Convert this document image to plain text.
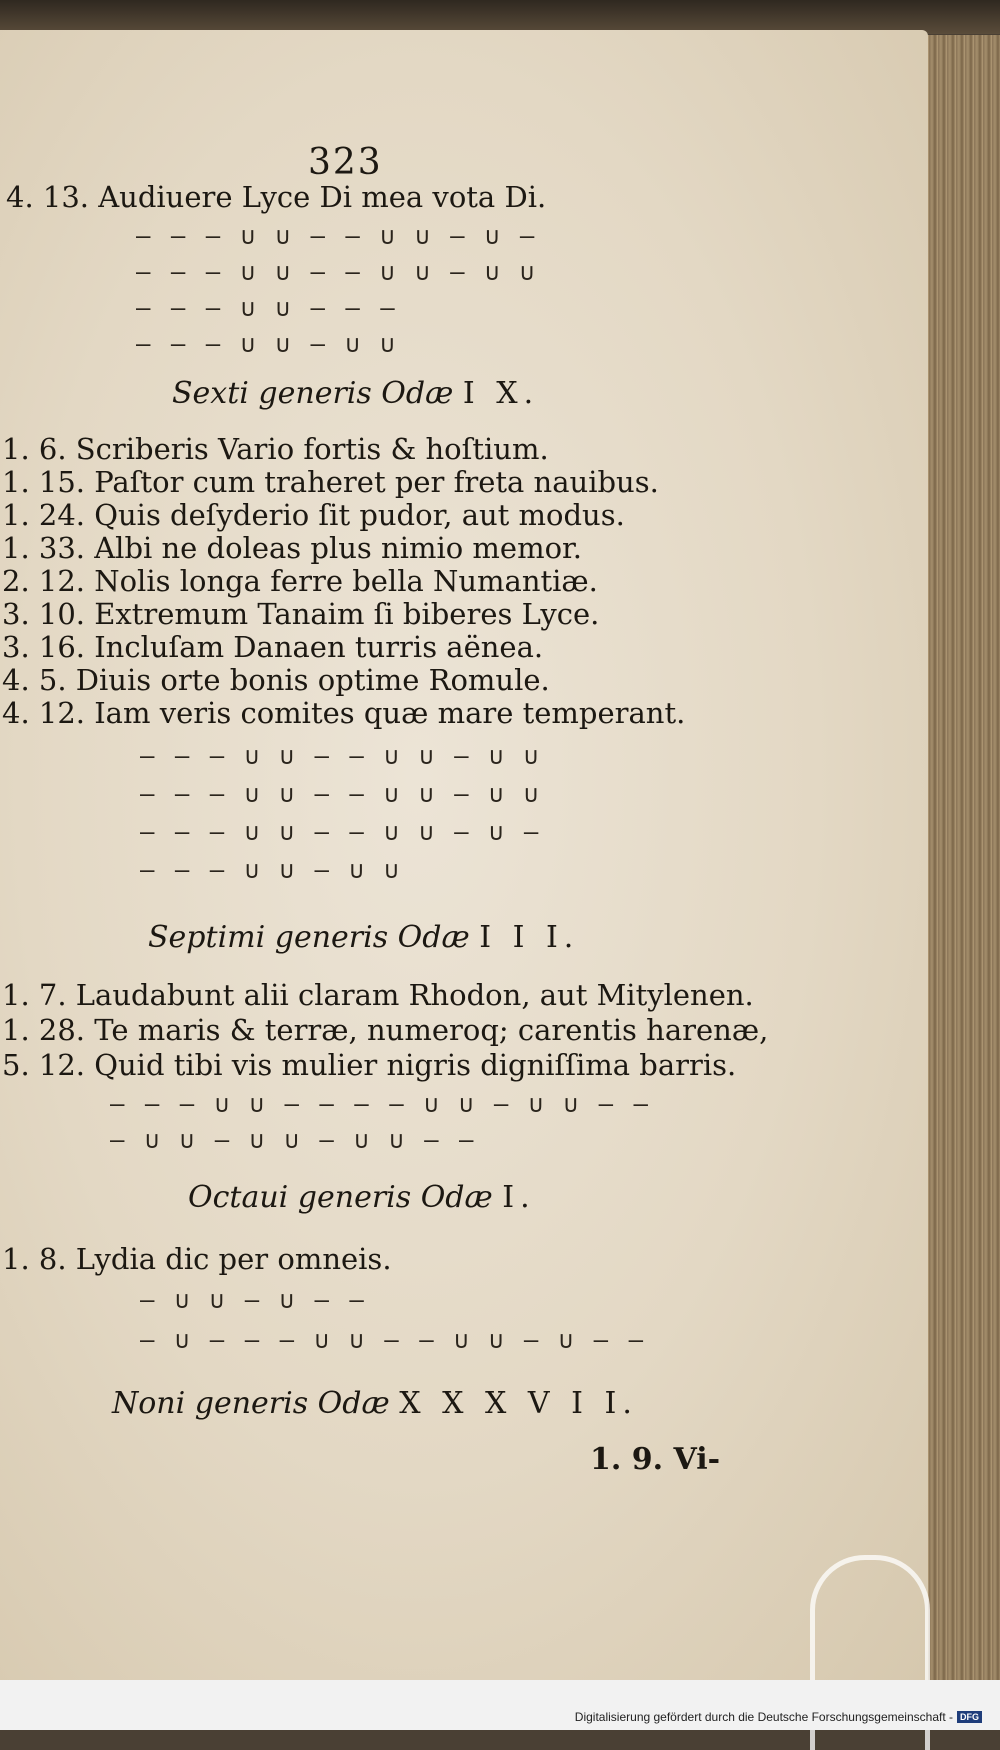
323
4. 13. Audiuere Lyce Di mea vota Di.
– – – ∪ ∪ – – ∪ ∪ – ∪ –
– – – ∪ ∪ – – ∪ ∪ – ∪ ∪
– – – ∪ ∪ – – –
– – – ∪ ∪ – ∪ ∪
Sexti generis Odæ I X.
1. 6. Scriberis Vario fortis & hoſtium.
1. 15. Paſtor cum traheret per freta nauibus.
1. 24. Quis deſyderio ſit pudor, aut modus.
1. 33. Albi ne doleas plus nimio memor.
2. 12. Nolis longa ferre bella Numantiæ.
3. 10. Extremum Tanaim ſi biberes Lyce.
3. 16. Incluſam Danaen turris aënea.
4. 5. Diuis orte bonis optime Romule.
4. 12. Iam veris comites quæ mare temperant.
– – – ∪ ∪ – – ∪ ∪ – ∪ ∪
– – – ∪ ∪ – – ∪ ∪ – ∪ ∪
– – – ∪ ∪ – – ∪ ∪ – ∪ –
– – – ∪ ∪ – ∪ ∪
Septimi generis Odæ I I I.
1. 7. Laudabunt alii claram Rhodon, aut Mitylenen.
1. 28. Te maris & terræ, numeroq; carentis harenæ,
5. 12. Quid tibi vis mulier nigris digniſſima barris.
– – – ∪ ∪ – – – – ∪ ∪ – ∪ ∪ – –
– ∪ ∪ – ∪ ∪ – ∪ ∪ – –
Octaui generis Odæ I.
1. 8. Lydia dic per omneis.
– ∪ ∪ – ∪ – –
– ∪ – – – ∪ ∪ – – ∪ ∪ – ∪ – –
Noni generis Odæ X X X V I I.
1. 9. Vi-
Digitalisierung gefördert durch die Deutsche Forschungsgemeinschaft - DFG
